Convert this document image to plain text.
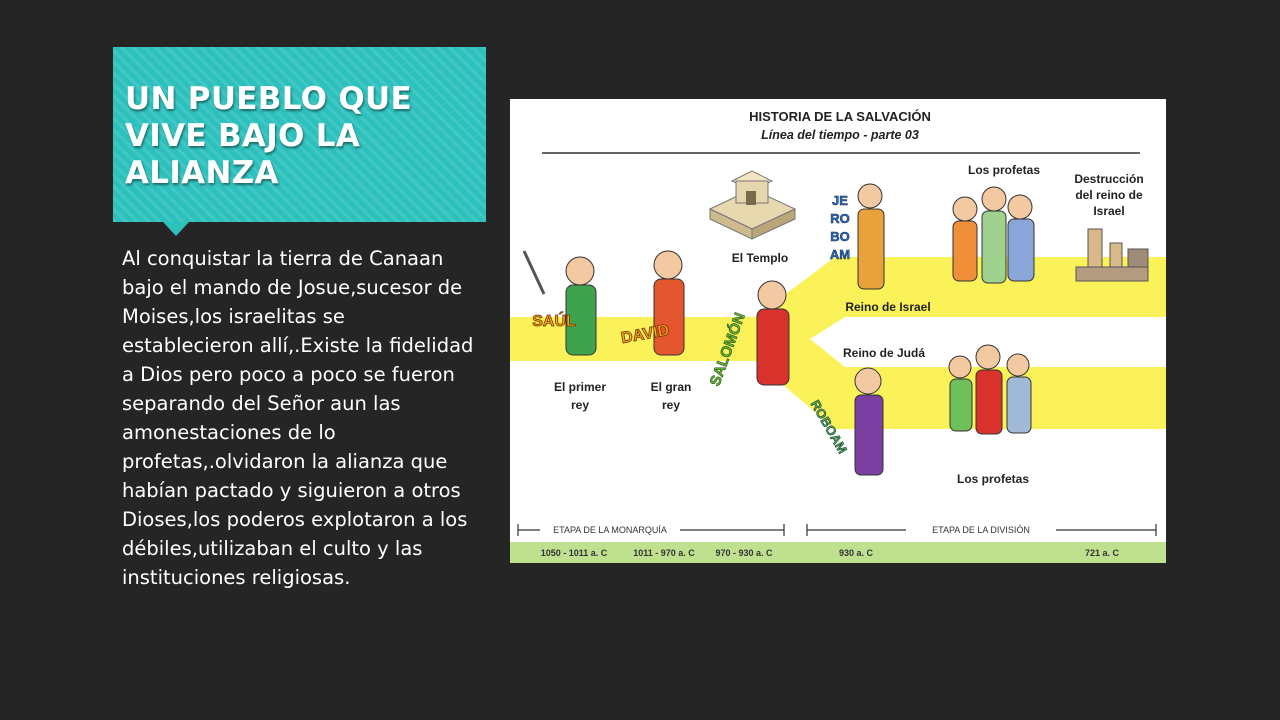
UN PUEBLO QUE
VIVE BAJO LA
ALIANZA

Al conquistar la tierra de Canaan bajo el mando de Josue,sucesor de Moises,los israelitas se establecieron allí,.Existe la fidelidad a Dios pero poco a poco se fueron separando del Señor aun las amonestaciones de lo profetas,.olvidaron la alianza que habían pactado y siguieron a otros Dioses,los poderos explotaron a los débiles,utilizaban el culto y las instituciones religiosas.

HISTORIA DE LA SALVACIÓN
Línea del tiempo - parte 03
El Templo
Los profetas
Destrucción
del reino de
Israel
JE
RO
BO
AM
Reino de Israel
Reino de Judá
ROBOAM
Los profetas
SAÚL
DAVID SALOMÓN
El primer
rey
El gran
rey
ETAPA DE LA MONARQUÍA	ETAPA DE LA DIVISIÓN
1050 - 1011 a. C	1011 - 970 a. C 970 - 930 a. C	930 a. C	721 a. C
